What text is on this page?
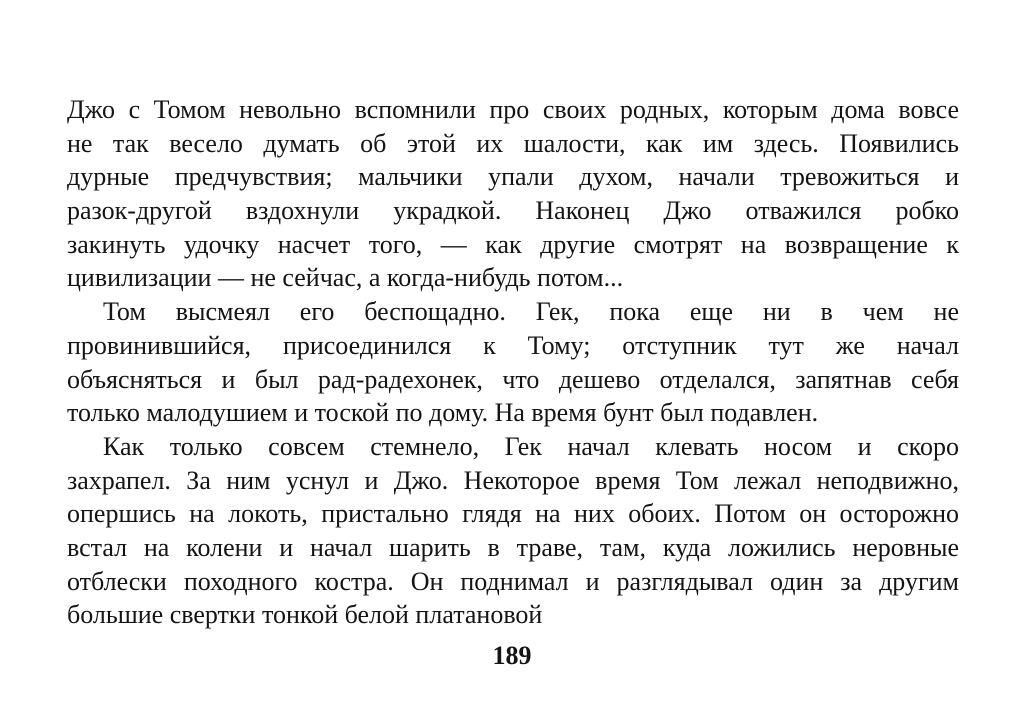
Джо с Томом невольно вспомнили про своих родных, которым дома вовсе
не так весело думать об этой их шалости, как им здесь. Появились
дурные предчувствия; мальчики упали духом, начали тревожиться и
разок-другой вздохнули украдкой. Наконец Джо отважился робко
закинуть удочку насчет того, — как другие смотрят на возвращение к
цивилизации — не сейчас, а когда-нибудь потом...
Том высмеял его беспощадно. Гек, пока еще ни в чем не
провинившийся, присоединился к Тому; отступник тут же начал
объясняться и был рад-радехонек, что дешево отделался, запятнав себя
только малодушием и тоской по дому. На время бунт был подавлен.
Как только совсем стемнело, Гек начал клевать носом и скоро
захрапел. За ним уснул и Джо. Некоторое время Том лежал неподвижно,
опершись на локоть, пристально глядя на них обоих. Потом он осторожно
встал на колени и начал шарить в траве, там, куда ложились неровные
отблески походного костра. Он поднимал и разглядывал один за другим
большие свертки тонкой белой платановой
189
